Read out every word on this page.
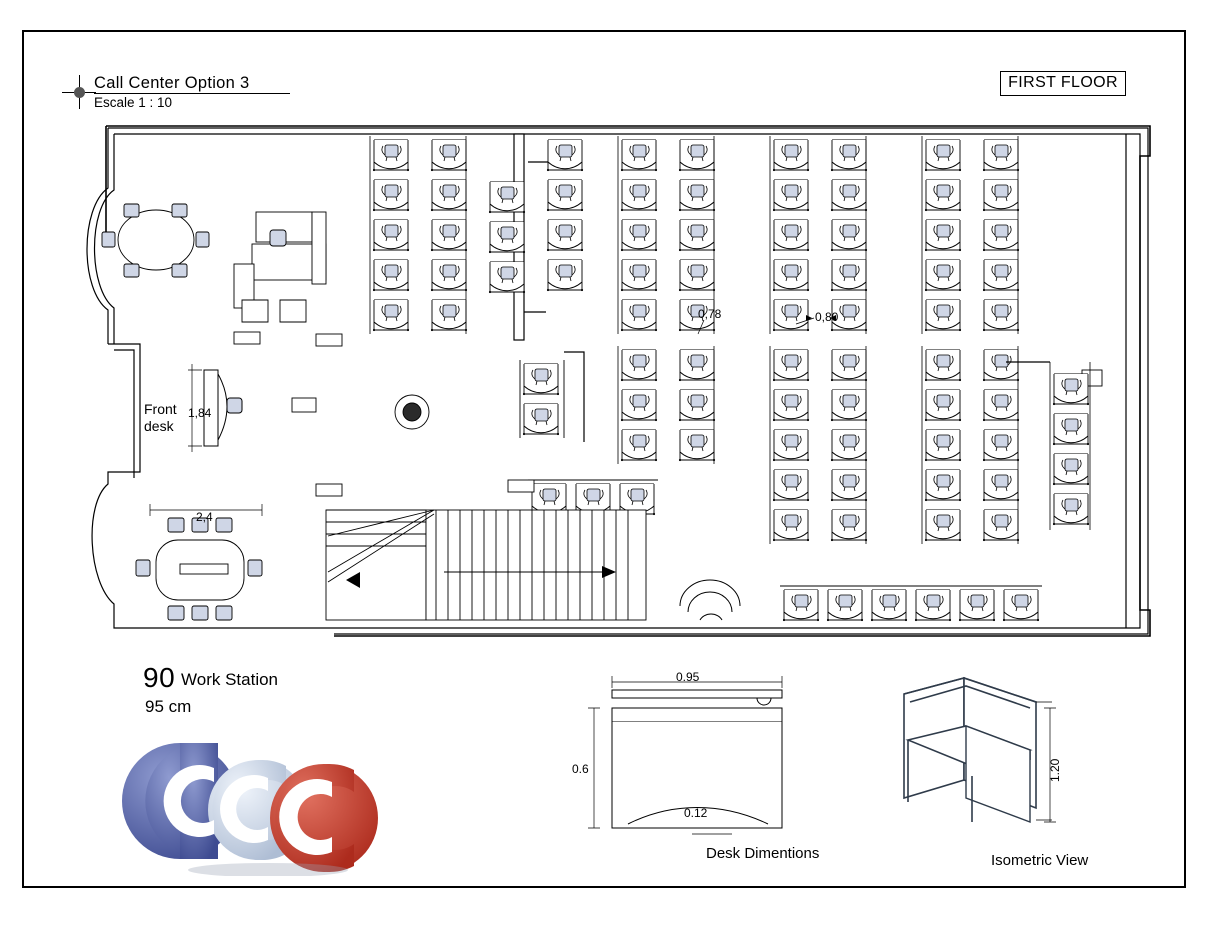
Call Center Option 3
Escale 1 : 10
FIRST FLOOR
Front
desk
1,84
2,4
0,78	0,80
90 Work Station
95 cm
0.95
0.6
0.12
Desk Dimentions
1.20
Isometric View
